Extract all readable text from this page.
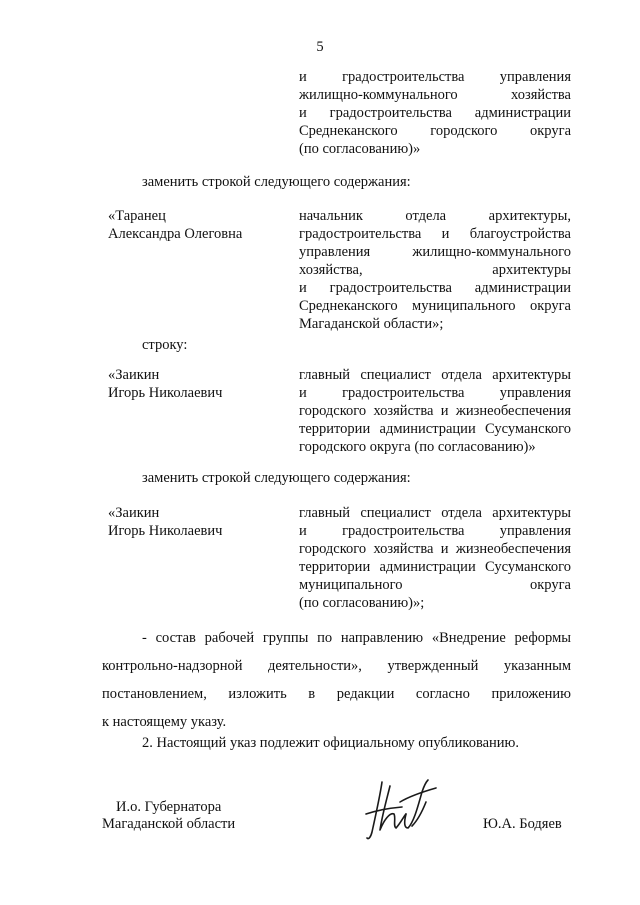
5
и градостроительства управления
жилищно-коммунального хозяйства
и градостроительства администрации
Среднеканского городского округа
(по согласованию)»
заменить строкой следующего содержания:
«Таранец
Александра Олеговна
начальник отдела архитектуры,
градостроительства и благоустройства
управления жилищно-коммунального
хозяйства, архитектуры
и градостроительства администрации
Среднеканского муниципального округа
Магаданской области»;
строку:
«Заикин
Игорь Николаевич
главный специалист отдела архитектуры
и градостроительства управления
городского хозяйства и жизнеобеспечения
территории администрации Сусуманского
городского округа (по согласованию)»
заменить строкой следующего содержания:
«Заикин
Игорь Николаевич
главный специалист отдела архитектуры
и градостроительства управления
городского хозяйства и жизнеобеспечения
территории администрации Сусуманского
муниципального округа
(по согласованию)»;
- состав рабочей группы по направлению «Внедрение реформы
контрольно-надзорной деятельности», утвержденный указанным
постановлением, изложить в редакции согласно приложению
к настоящему указу.
2. Настоящий указ подлежит официальному опубликованию.
И.о. Губернатора
Магаданской области	Ю.А. Бодяев
